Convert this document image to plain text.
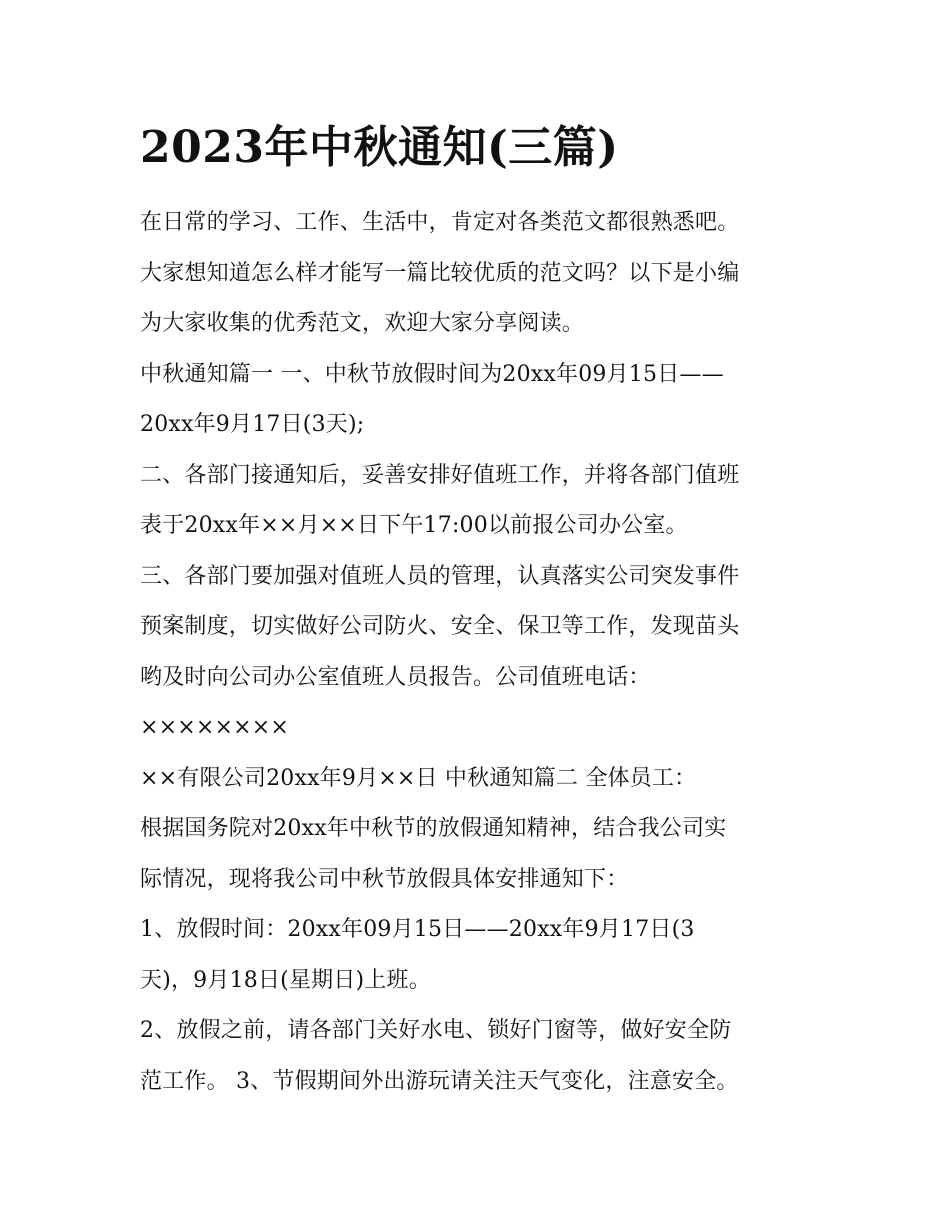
2023年中秋通知(三篇)
在日常的学习、工作、生活中，肯定对各类范文都很熟悉吧。
大家想知道怎么样才能写一篇比较优质的范文吗？以下是小编
为大家收集的优秀范文，欢迎大家分享阅读。
中秋通知篇一 一、中秋节放假时间为20xx年09月15日——
20xx年9月17日(3天);
二、各部门接通知后，妥善安排好值班工作，并将各部门值班
表于20xx年××月××日下午17:00以前报公司办公室。
三、各部门要加强对值班人员的管理，认真落实公司突发事件
预案制度，切实做好公司防火、安全、保卫等工作，发现苗头
哟及时向公司办公室值班人员报告。公司值班电话：
××××××××
××有限公司20xx年9月××日 中秋通知篇二 全体员工：
根据国务院对20xx年中秋节的放假通知精神，结合我公司实
际情况，现将我公司中秋节放假具体安排通知下：
1、放假时间：20xx年09月15日——20xx年9月17日(3
天)，9月18日(星期日)上班。
2、放假之前，请各部门关好水电、锁好门窗等，做好安全防
范工作。 3、节假期间外出游玩请关注天气变化，注意安全。
